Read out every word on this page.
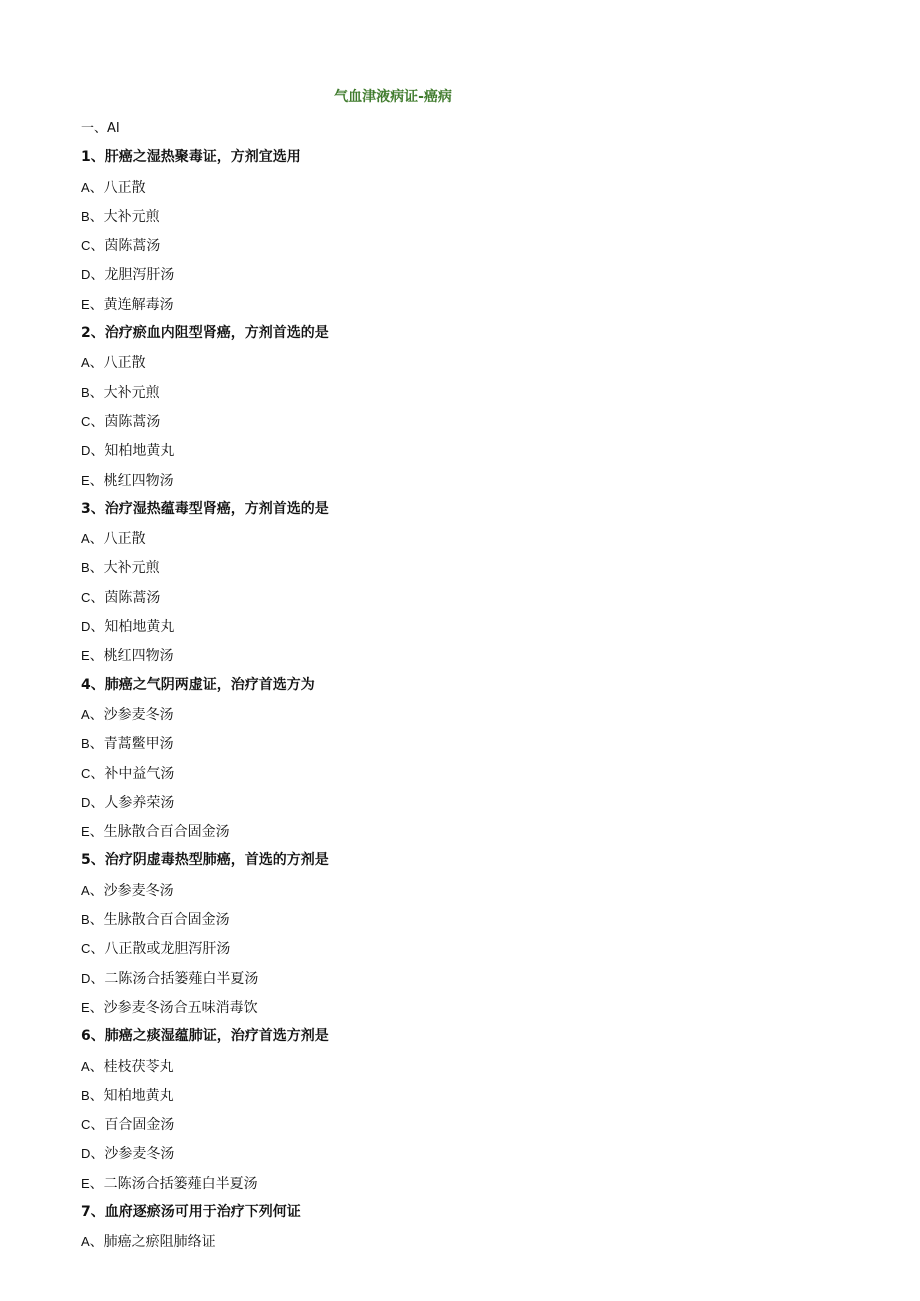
气血津液病证-癌病
一、AI
1、肝癌之湿热聚毒证，方剂宜选用
A、八正散
B、大补元煎
C、茵陈蒿汤
D、龙胆泻肝汤
E、黄连解毒汤
2、治疗瘀血内阻型肾癌，方剂首选的是
A、八正散
B、大补元煎
C、茵陈蒿汤
D、知柏地黄丸
E、桃红四物汤
3、治疗湿热蕴毒型肾癌，方剂首选的是
A、八正散
B、大补元煎
C、茵陈蒿汤
D、知柏地黄丸
E、桃红四物汤
4、肺癌之气阴两虚证，治疗首选方为
A、沙参麦冬汤
B、青蒿鳖甲汤
C、补中益气汤
D、人参养荣汤
E、生脉散合百合固金汤
5、治疗阴虚毒热型肺癌，首选的方剂是
A、沙参麦冬汤
B、生脉散合百合固金汤
C、八正散或龙胆泻肝汤
D、二陈汤合括篓薤白半夏汤
E、沙参麦冬汤合五味消毒饮
6、肺癌之痰湿蕴肺证，治疗首选方剂是
A、桂枝茯苓丸
B、知柏地黄丸
C、百合固金汤
D、沙参麦冬汤
E、二陈汤合括篓薤白半夏汤
7、血府逐瘀汤可用于治疗下列何证
A、肺癌之瘀阻肺络证
